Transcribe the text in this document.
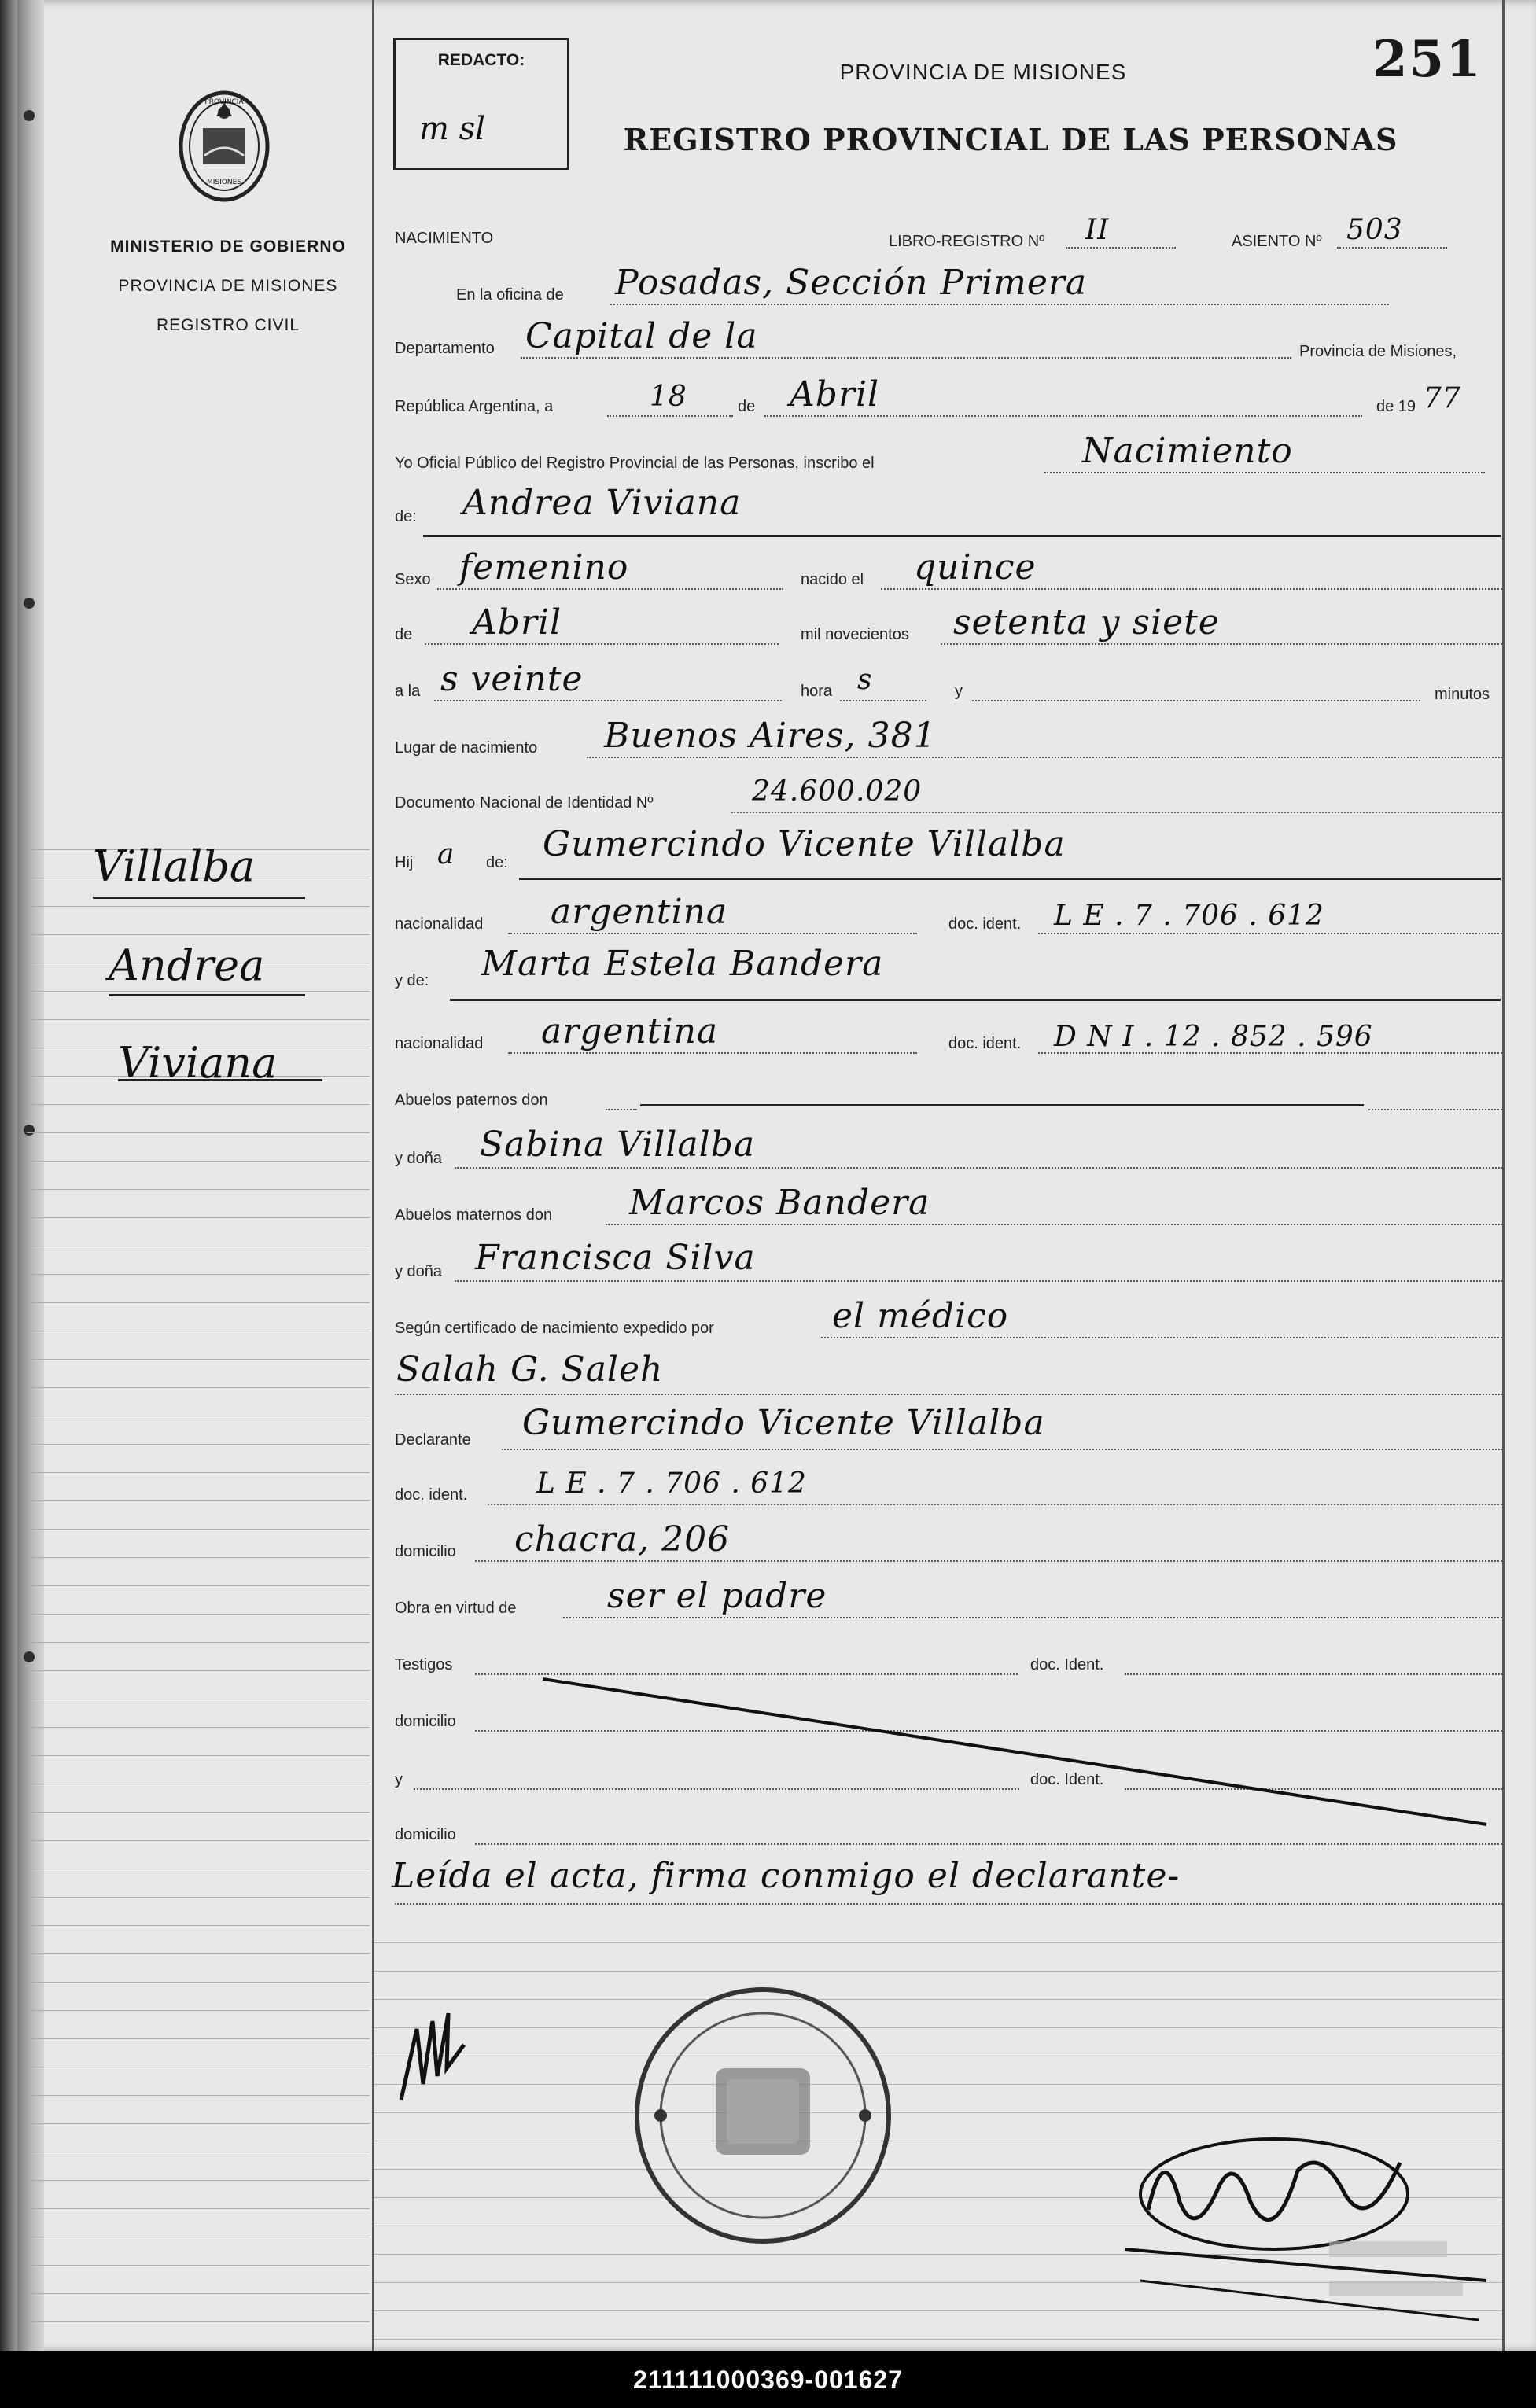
REDACTO:
m sl
PROVINCIA
MISIONES
MINISTERIO DE GOBIERNO
PROVINCIA DE MISIONES
REGISTRO CIVIL
PROVINCIA DE MISIONES
REGISTRO PROVINCIAL DE LAS PERSONAS
251
NACIMIENTO	LIBRO-REGISTRO Nº II	ASIENTO Nº 503
En la oficina de Posadas, Sección Primera
Departamento Capital de la	Provincia de Misiones,
República Argentina, a	18	de Abril	de 19 77
Yo Oficial Público del Registro Provincial de las Personas, inscribo el	Nacimiento
de: Andrea Viviana
Sexo femenino	nacido el quince
de Abril	mil novecientos setenta y siete
a la s veinte	hora s	y	minutos
Lugar de nacimiento Buenos Aires, 381
Documento Nacional de Identidad Nº	24.600.020
Hij a de: Gumercindo Vicente Villalba
nacionalidad argentina	doc. ident. L E . 7 . 706 . 612
y de: Marta Estela Bandera
nacionalidad argentina	doc. ident. D N I . 12 . 852 . 596
Abuelos paternos don
y doña Sabina Villalba
Abuelos maternos don Marcos Bandera
y doña Francisca Silva
Según certificado de nacimiento expedido por	el médico
Salah G. Saleh
Declarante Gumercindo Vicente Villalba
doc. ident. L E . 7 . 706 . 612
domicilio chacra, 206
Obra en virtud de	ser el padre
Testigos	doc. Ident.
domicilio
y	doc. Ident.
domicilio
Leída el acta, firma conmigo el declarante-
Villalba
Andrea
Viviana
211111000369-001627
